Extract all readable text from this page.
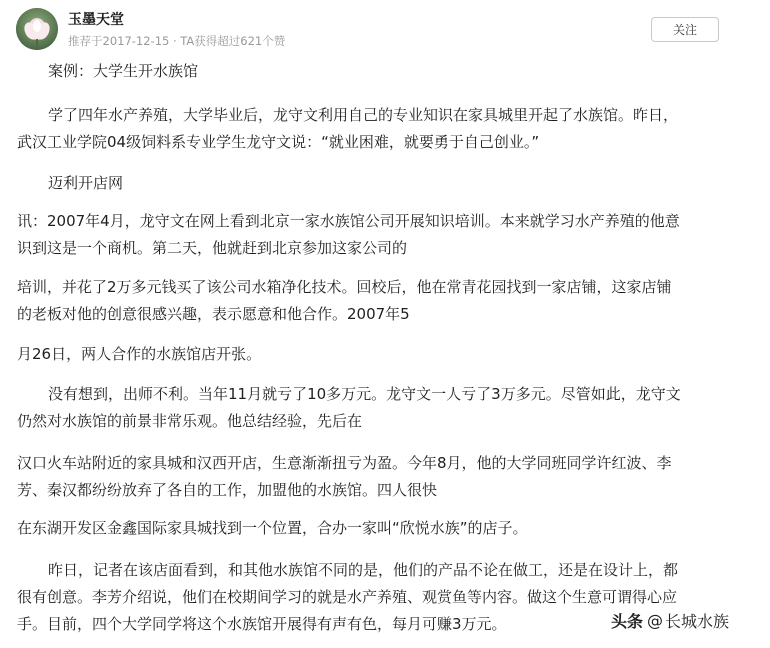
玉墨天堂
推荐于2017-12-15 · TA获得超过621个赞
关注

案例：大学生开水族馆

学了四年水产养殖，大学毕业后，龙守文利用自己的专业知识在家具城里开起了水族馆。昨日，
武汉工业学院04级饲料系专业学生龙守文说：“就业困难，就要勇于自己创业。”

迈利开店网

讯：2007年4月，龙守文在网上看到北京一家水族馆公司开展知识培训。本来就学习水产养殖的他意
识到这是一个商机。第二天，他就赶到北京参加这家公司的

培训，并花了2万多元钱买了该公司水箱净化技术。回校后，他在常青花园找到一家店铺，这家店铺
的老板对他的创意很感兴趣，表示愿意和他合作。2007年5

月26日，两人合作的水族馆店开张。

没有想到，出师不利。当年11月就亏了10多万元。龙守文一人亏了3万多元。尽管如此，龙守文
仍然对水族馆的前景非常乐观。他总结经验，先后在

汉口火车站附近的家具城和汉西开店，生意渐渐扭亏为盈。今年8月，他的大学同班同学许红波、李
芳、秦汉都纷纷放弃了各自的工作，加盟他的水族馆。四人很快

在东湖开发区金鑫国际家具城找到一个位置，合办一家叫“欣悦水族”的店子。

昨日，记者在该店面看到，和其他水族馆不同的是，他们的产品不论在做工，还是在设计上，都
很有创意。李芳介绍说，他们在校期间学习的就是水产养殖、观赏鱼等内容。做这个生意可谓得心应
手。目前，四个大学同学将这个水族馆开展得有声有色，每月可赚3万元。	头条 @ 长城水族
